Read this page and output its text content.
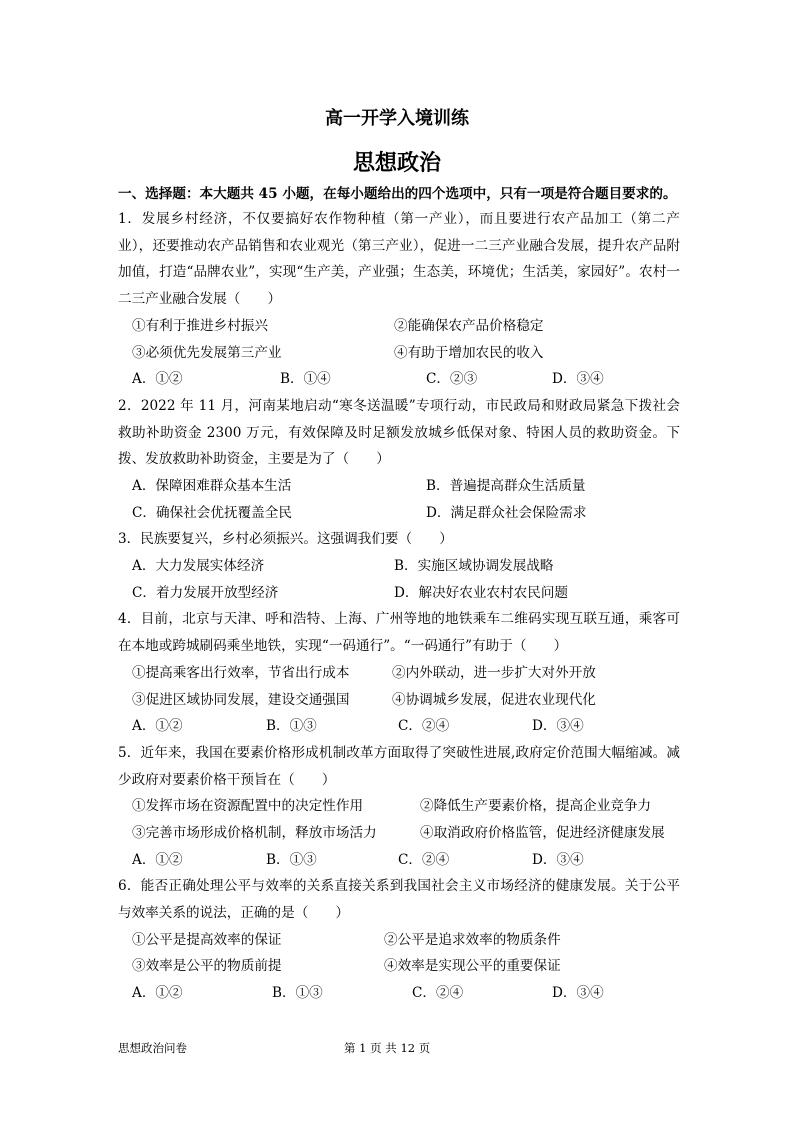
高一开学入境训练
思想政治
一、选择题：本大题共 45 小题，在每小题给出的四个选项中，只有一项是符合题目要求的。
1．发展乡村经济，不仅要搞好农作物种植（第一产业），而且要进行农产品加工（第二产业），还要推动农产品销售和农业观光（第三产业），促进一二三产业融合发展，提升农产品附加值，打造“品牌农业”，实现“生产美，产业强；生态美，环境优；生活美，家园好”。农村一二三产业融合发展（　　）
①有利于推进乡村振兴	②能确保农产品价格稳定
③必须优先发展第三产业	④有助于增加农民的收入
A．①②	B．①④	C．②③	D．③④
2．2022 年 11 月，河南某地启动“寒冬送温暖”专项行动，市民政局和财政局紧急下拨社会救助补助资金 2300 万元，有效保障及时足额发放城乡低保对象、特困人员的救助资金。下拨、发放救助补助资金，主要是为了（　　）
A．保障困难群众基本生活	B．普遍提高群众生活质量
C．确保社会优抚覆盖全民	D．满足群众社会保险需求
3．民族要复兴，乡村必须振兴。这强调我们要（　　）
A．大力发展实体经济	B．实施区域协调发展战略
C．着力发展开放型经济	D．解决好农业农村农民问题
4．目前，北京与天津、呼和浩特、上海、广州等地的地铁乘车二维码实现互联互通，乘客可在本地或跨城刷码乘坐地铁，实现“一码通行”。“一码通行”有助于（　　）
①提高乘客出行效率，节省出行成本	②内外联动，进一步扩大对外开放
③促进区域协同发展，建设交通强国	④协调城乡发展，促进农业现代化
A．①②	B．①③	C．②④	D．③④
5．近年来，我国在要素价格形成机制改革方面取得了突破性进展,政府定价范围大幅缩减。减少政府对要素价格干预旨在（　　）
①发挥市场在资源配置中的决定性作用	②降低生产要素价格，提高企业竞争力
③完善市场形成价格机制，释放市场活力	④取消政府价格监管，促进经济健康发展
A．①②	B．①③	C．②④	D．③④
6．能否正确处理公平与效率的关系直接关系到我国社会主义市场经济的健康发展。关于公平与效率关系的说法，正确的是（　　）
①公平是提高效率的保证	②公平是追求效率的物质条件
③效率是公平的物质前提	④效率是实现公平的重要保证
A．①②	B．①③	C．②④	D．③④
思想政治问卷	第 1 页 共 12 页
